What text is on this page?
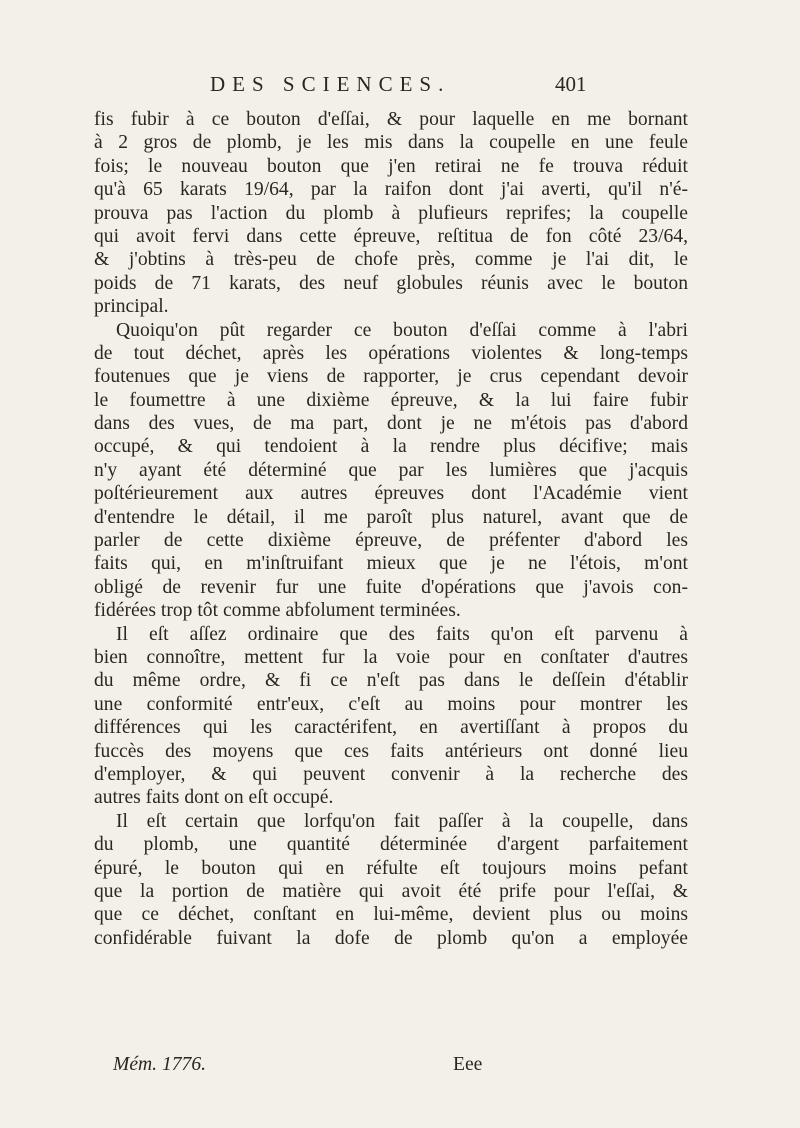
DES SCIENCES.	401
fis fubir à ce bouton d'eſſai, & pour laquelle en me bornant
à 2 gros de plomb, je les mis dans la coupelle en une feule
fois; le nouveau bouton que j'en retirai ne fe trouva réduit
qu'à 65 karats 19/64, par la raifon dont j'ai averti, qu'il n'é-
prouva pas l'action du plomb à plufieurs reprifes; la coupelle
qui avoit fervi dans cette épreuve, reſtitua de fon côté 23/64,
& j'obtins à très-peu de chofe près, comme je l'ai dit, le
poids de 71 karats, des neuf globules réunis avec le bouton
principal.
Quoiqu'on pût regarder ce bouton d'eſſai comme à l'abri
de tout déchet, après les opérations violentes & long-temps
foutenues que je viens de rapporter, je crus cependant devoir
le foumettre à une dixième épreuve, & la lui faire fubir
dans des vues, de ma part, dont je ne m'étois pas d'abord
occupé, & qui tendoient à la rendre plus décifive; mais
n'y ayant été déterminé que par les lumières que j'acquis
poſtérieurement aux autres épreuves dont l'Académie vient
d'entendre le détail, il me paroît plus naturel, avant que de
parler de cette dixième épreuve, de préfenter d'abord les
faits qui, en m'inſtruifant mieux que je ne l'étois, m'ont
obligé de revenir fur une fuite d'opérations que j'avois con-
fidérées trop tôt comme abfolument terminées.
Il eſt aſſez ordinaire que des faits qu'on eſt parvenu à
bien connoître, mettent fur la voie pour en conſtater d'autres
du même ordre, & fi ce n'eſt pas dans le deſſein d'établir
une conformité entr'eux, c'eſt au moins pour montrer les
différences qui les caractérifent, en avertiſſant à propos du
fuccès des moyens que ces faits antérieurs ont donné lieu
d'employer, & qui peuvent convenir à la recherche des
autres faits dont on eſt occupé.
Il eſt certain que lorfqu'on fait paſſer à la coupelle, dans
du plomb, une quantité déterminée d'argent parfaitement
épuré, le bouton qui en réfulte eſt toujours moins pefant
que la portion de matière qui avoit été prife pour l'eſſai, &
que ce déchet, conſtant en lui-même, devient plus ou moins
confidérable fuivant la dofe de plomb qu'on a employée
Mém. 1776.	Eee
